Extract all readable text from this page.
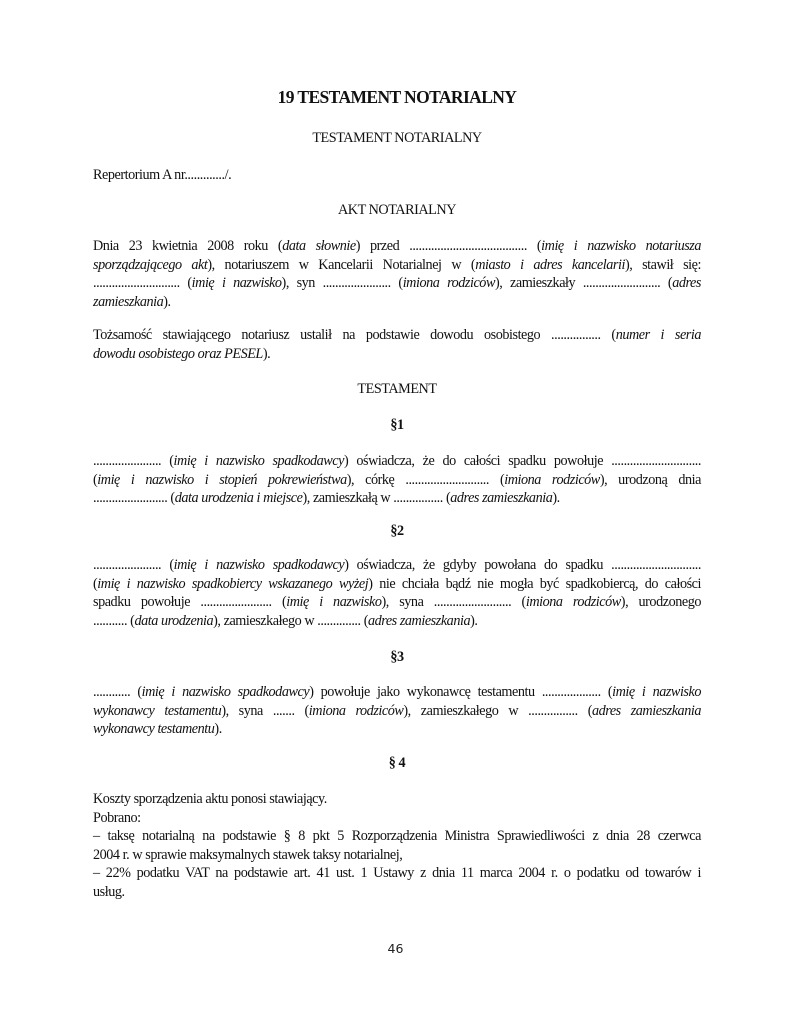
19 TESTAMENT NOTARIALNY

TESTAMENT NOTARIALNY

Repertorium A nr............./.

AKT NOTARIALNY

Dnia 23 kwietnia 2008 roku (data słownie) przed ...................................... (imię i nazwisko notariusza
sporządzającego akt), notariuszem w Kancelarii Notarialnej w (miasto i adres kancelarii), stawił się:
............................ (imię i nazwisko), syn ...................... (imiona rodziców), zamieszkały ......................... (adres
zamieszkania).
Tożsamość stawiającego notariusz ustalił na podstawie dowodu osobistego ................ (numer i seria
dowodu osobistego oraz PESEL).

TESTAMENT

§1

...................... (imię i nazwisko spadkodawcy) oświadcza, że do całości spadku powołuje .............................
(imię i nazwisko i stopień pokrewieństwa), córkę ........................... (imiona rodziców), urodzoną dnia
........................ (data urodzenia i miejsce), zamieszkałą w ................ (adres zamieszkania).

§2

...................... (imię i nazwisko spadkodawcy) oświadcza, że gdyby powołana do spadku .............................
(imię i nazwisko spadkobiercy wskazanego wyżej) nie chciała bądź nie mogła być spadkobiercą, do całości
spadku powołuje ....................... (imię i nazwisko), syna ......................... (imiona rodziców), urodzonego
........... (data urodzenia), zamieszkałego w .............. (adres zamieszkania).

§3

............ (imię i nazwisko spadkodawcy) powołuje jako wykonawcę testamentu ................... (imię i nazwisko
wykonawcy testamentu), syna ....... (imiona rodziców), zamieszkałego w ................ (adres zamieszkania
wykonawcy testamentu).

§ 4

Koszty sporządzenia aktu ponosi stawiający.
Pobrano:
– taksę notarialną na podstawie § 8 pkt 5 Rozporządzenia Ministra Sprawiedliwości z dnia 28 czerwca
2004 r. w sprawie maksymalnych stawek taksy notarialnej,
– 22% podatku VAT na podstawie art. 41 ust. 1 Ustawy z dnia 11 marca 2004 r. o podatku od towarów i
usług.
46
